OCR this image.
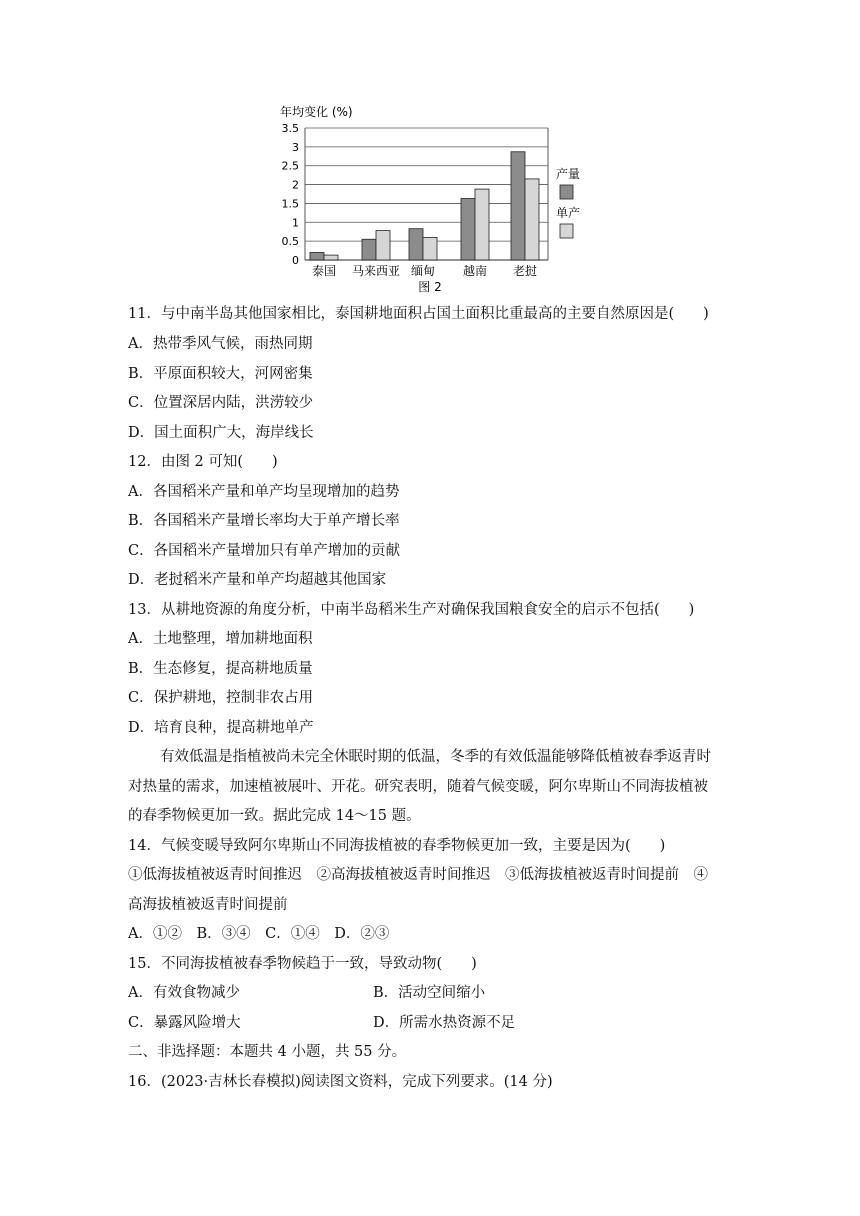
年均变化 (%)
0
0.5
1
1.5
2
2.5
3
3.5
泰国 马来西亚 缅甸 越南 老挝
产量
单产
图 2
11．与中南半岛其他国家相比，泰国耕地面积占国土面积比重最高的主要自然原因是(　　)
A．热带季风气候，雨热同期
B．平原面积较大，河网密集
C．位置深居内陆，洪涝较少
D．国土面积广大，海岸线长
12．由图 2 可知(　　)
A．各国稻米产量和单产均呈现增加的趋势
B．各国稻米产量增长率均大于单产增长率
C．各国稻米产量增加只有单产增加的贡献
D．老挝稻米产量和单产均超越其他国家
13．从耕地资源的角度分析，中南半岛稻米生产对确保我国粮食安全的启示不包括(　　)
A．土地整理，增加耕地面积
B．生态修复，提高耕地质量
C．保护耕地，控制非农占用
D．培育良种，提高耕地单产
有效低温是指植被尚未完全休眠时期的低温，冬季的有效低温能够降低植被春季返青时
对热量的需求，加速植被展叶、开花。研究表明，随着气候变暖，阿尔卑斯山不同海拔植被
的春季物候更加一致。据此完成 14～15 题。
14．气候变暖导致阿尔卑斯山不同海拔植被的春季物候更加一致，主要是因为(　　)
①低海拔植被返青时间推迟　②高海拔植被返青时间推迟　③低海拔植被返青时间提前　④
高海拔植被返青时间提前
A．①②　B．③④　C．①④　D．②③
15．不同海拔植被春季物候趋于一致，导致动物(　　)
A．有效食物减少	B．活动空间缩小
C．暴露风险增大	D．所需水热资源不足
二、非选择题：本题共 4 小题，共 55 分。
16．(2023·吉林长春模拟)阅读图文资料，完成下列要求。(14 分)
